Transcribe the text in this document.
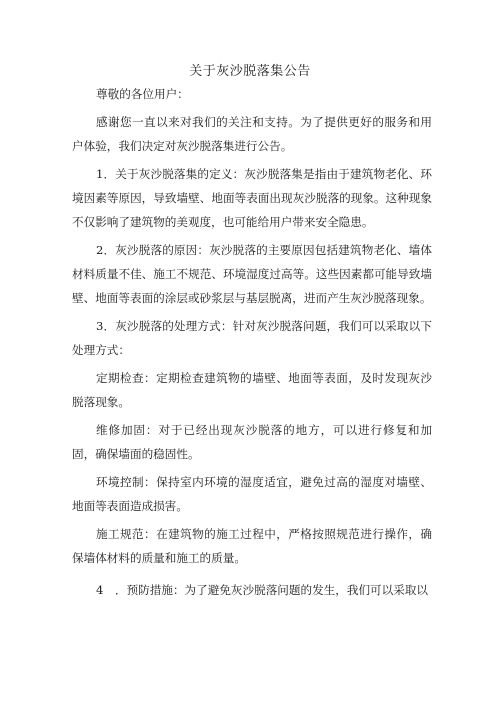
关于灰沙脱落集公告

尊敬的各位用户：

感谢您一直以来对我们的关注和支持。为了提供更好的服务和用户体验，我们决定对灰沙脱落集进行公告。

1．关于灰沙脱落集的定义：灰沙脱落集是指由于建筑物老化、环境因素等原因，导致墙壁、地面等表面出现灰沙脱落的现象。这种现象不仅影响了建筑物的美观度，也可能给用户带来安全隐患。

2．灰沙脱落的原因：灰沙脱落的主要原因包括建筑物老化、墙体材料质量不佳、施工不规范、环境湿度过高等。这些因素都可能导致墙壁、地面等表面的涂层或砂浆层与基层脱离，进而产生灰沙脱落现象。

3．灰沙脱落的处理方式：针对灰沙脱落问题，我们可以采取以下处理方式：

定期检查：定期检查建筑物的墙壁、地面等表面，及时发现灰沙脱落现象。

维修加固：对于已经出现灰沙脱落的地方，可以进行修复和加固，确保墙面的稳固性。

环境控制：保持室内环境的湿度适宜，避免过高的湿度对墙壁、地面等表面造成损害。

施工规范：在建筑物的施工过程中，严格按照规范进行操作，确保墙体材料的质量和施工的质量。

4　．预防措施：为了避免灰沙脱落问题的发生，我们可以采取以
